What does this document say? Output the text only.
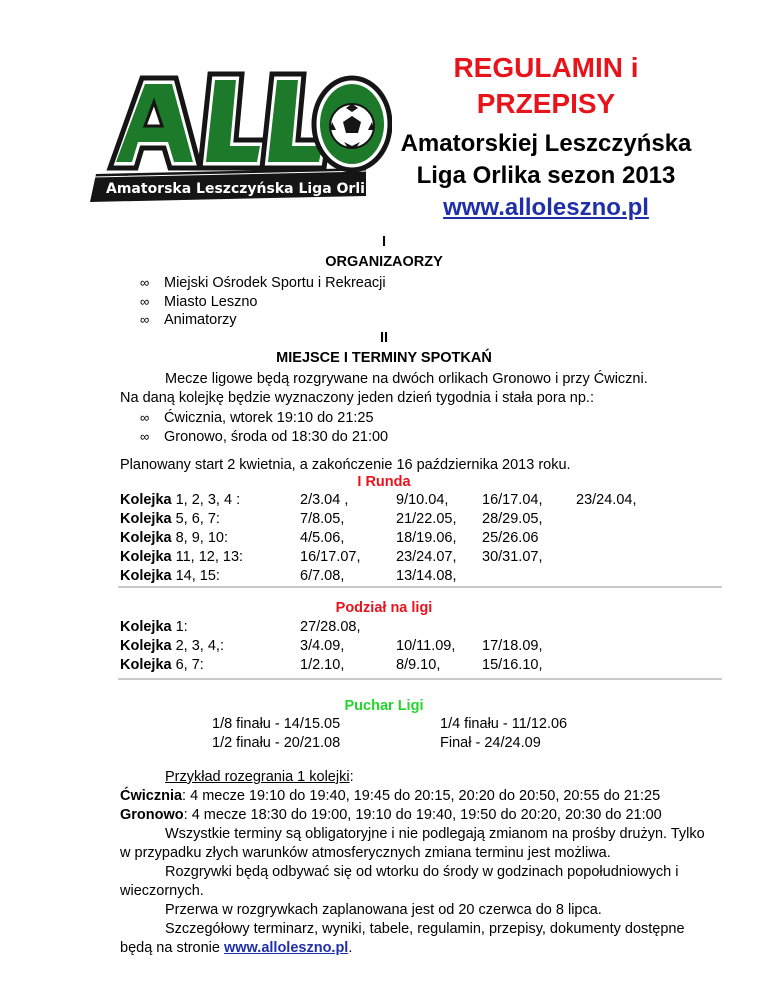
Amatorska Leszczyńska Liga Orlika
REGULAMIN i
PRZEPISY
Amatorskiej Leszczyńska
Liga Orlika sezon 2013
www.alloleszno.pl
I
ORGANIZAORZY
∞ Miejski Ośrodek Sportu i Rekreacji
∞ Miasto Leszno
∞ Animatorzy
II
MIEJSCE I TERMINY SPOTKAŃ
Mecze ligowe będą rozgrywane na dwóch orlikach Gronowo i przy Ćwiczni.
Na daną kolejkę będzie wyznaczony jeden dzień tygodnia i stała pora np.:
∞ Ćwicznia, wtorek 19:10 do 21:25
∞ Gronowo, środa od 18:30 do 21:00
Planowany start 2 kwietnia, a zakończenie 16 października 2013 roku.
I Runda
Kolejka 1, 2, 3, 4 :	2/3.04 ,	9/10.04, 16/17.04, 23/24.04,
Kolejka 5, 6, 7:	7/8.05,	21/22.05, 28/29.05,
Kolejka 8, 9, 10:	4/5.06,	18/19.06, 25/26.06
Kolejka 11, 12, 13:	16/17.07, 23/24.07, 30/31.07,
Kolejka 14, 15:	6/7.08,	13/14.08,
Podział na ligi
Kolejka 1:	27/28.08,
Kolejka 2, 3, 4,:	3/4.09,	10/11.09, 17/18.09,
Kolejka 6, 7:	1/2.10,	8/9.10,	15/16.10,
Puchar Ligi
1/8 finału - 14/15.05	1/4 finału - 11/12.06
1/2 finału - 20/21.08	Finał - 24/24.09
Przykład rozegrania 1 kolejki:
Ćwicznia: 4 mecze 19:10 do 19:40, 19:45 do 20:15, 20:20 do 20:50, 20:55 do 21:25
Gronowo: 4 mecze 18:30 do 19:00, 19:10 do 19:40, 19:50 do 20:20, 20:30 do 21:00
Wszystkie terminy są obligatoryjne i nie podlegają zmianom na prośby drużyn. Tylko
w przypadku złych warunków atmosferycznych zmiana terminu jest możliwa.
Rozgrywki będą odbywać się od wtorku do środy w godzinach popołudniowych i
wieczornych.
Przerwa w rozgrywkach zaplanowana jest od 20 czerwca do 8 lipca.
Szczegółowy terminarz, wyniki, tabele, regulamin, przepisy, dokumenty dostępne
będą na stronie www.alloleszno.pl.
